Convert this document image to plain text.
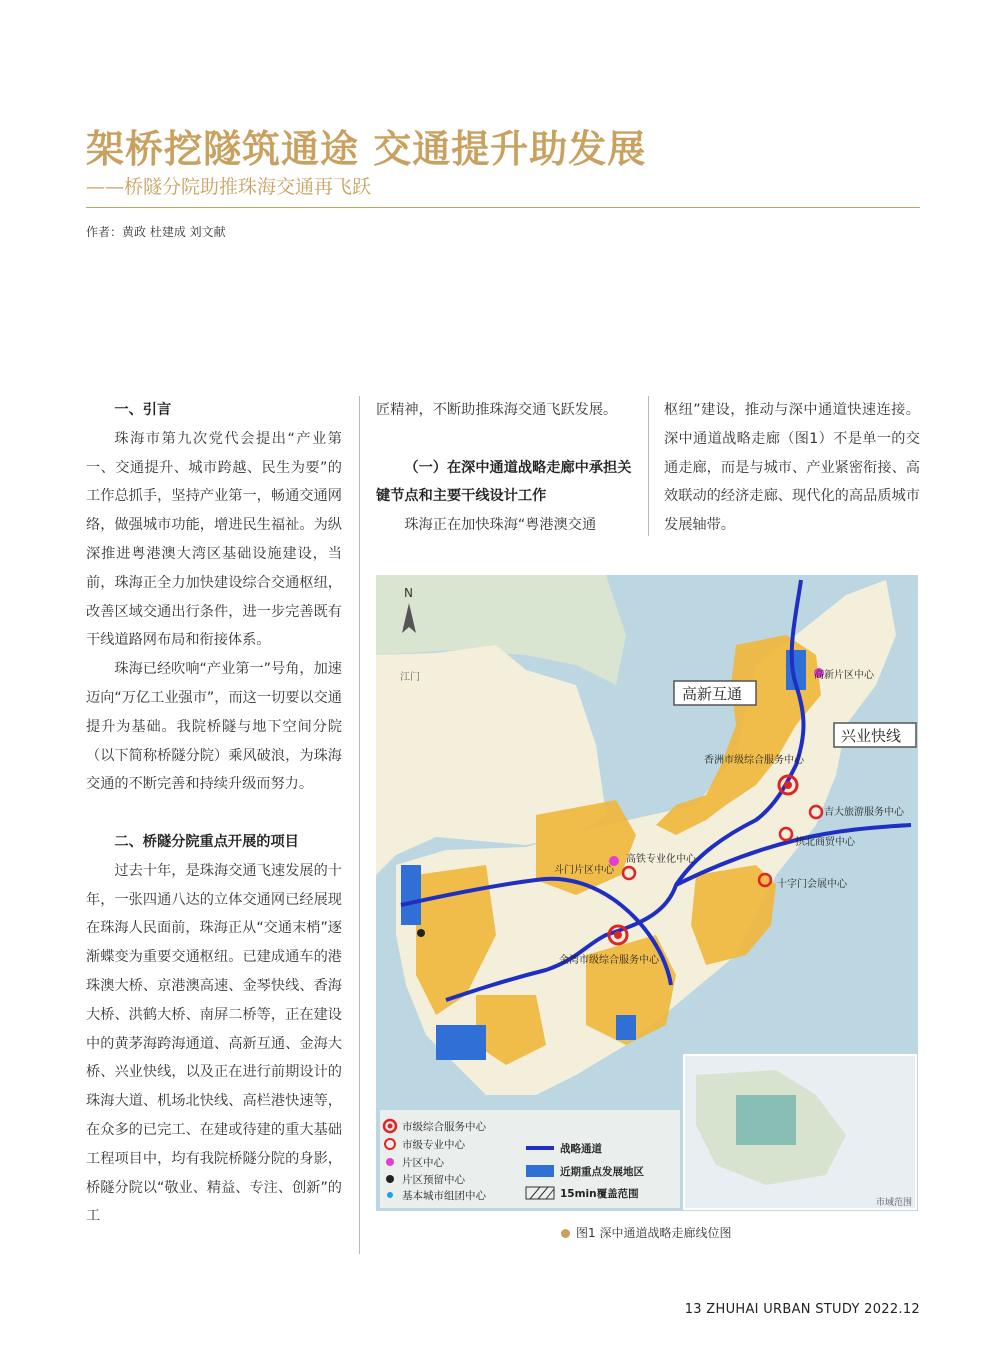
架桥挖隧筑通途 交通提升助发展
——桥隧分院助推珠海交通再飞跃
作者：黄政 杜建成 刘文献
一、引言

珠海市第九次党代会提出“产业第一、交通提升、城市跨越、民生为要”的工作总抓手，坚持产业第一，畅通交通网络，做强城市功能，增进民生福祉。为纵深推进粤港澳大湾区基础设施建设，当前，珠海正全力加快建设综合交通枢纽，改善区域交通出行条件，进一步完善既有干线道路网布局和衔接体系。

珠海已经吹响“产业第一”号角，加速迈向“万亿工业强市”，而这一切要以交通提升为基础。我院桥隧与地下空间分院（以下简称桥隧分院）乘风破浪，为珠海交通的不断完善和持续升级而努力。

二、桥隧分院重点开展的项目

过去十年，是珠海交通飞速发展的十年，一张四通八达的立体交通网已经展现在珠海人民面前，珠海正从“交通末梢”逐渐蝶变为重要交通枢纽。已建成通车的港珠澳大桥、京港澳高速、金琴快线、香海大桥、洪鹤大桥、南屏二桥等，正在建设中的黄茅海跨海通道、高新互通、金海大桥、兴业快线，以及正在进行前期设计的珠海大道、机场北快线、高栏港快速等，在众多的已完工、在建或待建的重大基础工程项目中，均有我院桥隧分院的身影，桥隧分院以“敬业、精益、专注、创新”的工

匠精神，不断助推珠海交通飞跃发展。

（一）在深中通道战略走廊中承担关键节点和主要干线设计工作

珠海正在加快珠海“粤港澳交通

枢纽”建设，推动与深中通道快速连接。深中通道战略走廊（图1）不是单一的交通走廊，而是与城市、产业紧密衔接、高效联动的经济走廊、现代化的高品质城市发展轴带。

N
江门
高新互通
兴业快线
高新片区中心
香洲市级综合服务中心
吉大旅游服务中心
拱北商贸中心
十字门会展中心
斗门片区中心
高铁专业化中心
金湾市级综合服务中心
市域范围
市级综合服务中心
市级专业中心
片区中心
片区预留中心
基本城市组团中心
战略通道
近期重点发展地区
15min覆盖范围
图1 深中通道战略走廊线位图
13 ZHUHAI URBAN STUDY 2022.12
